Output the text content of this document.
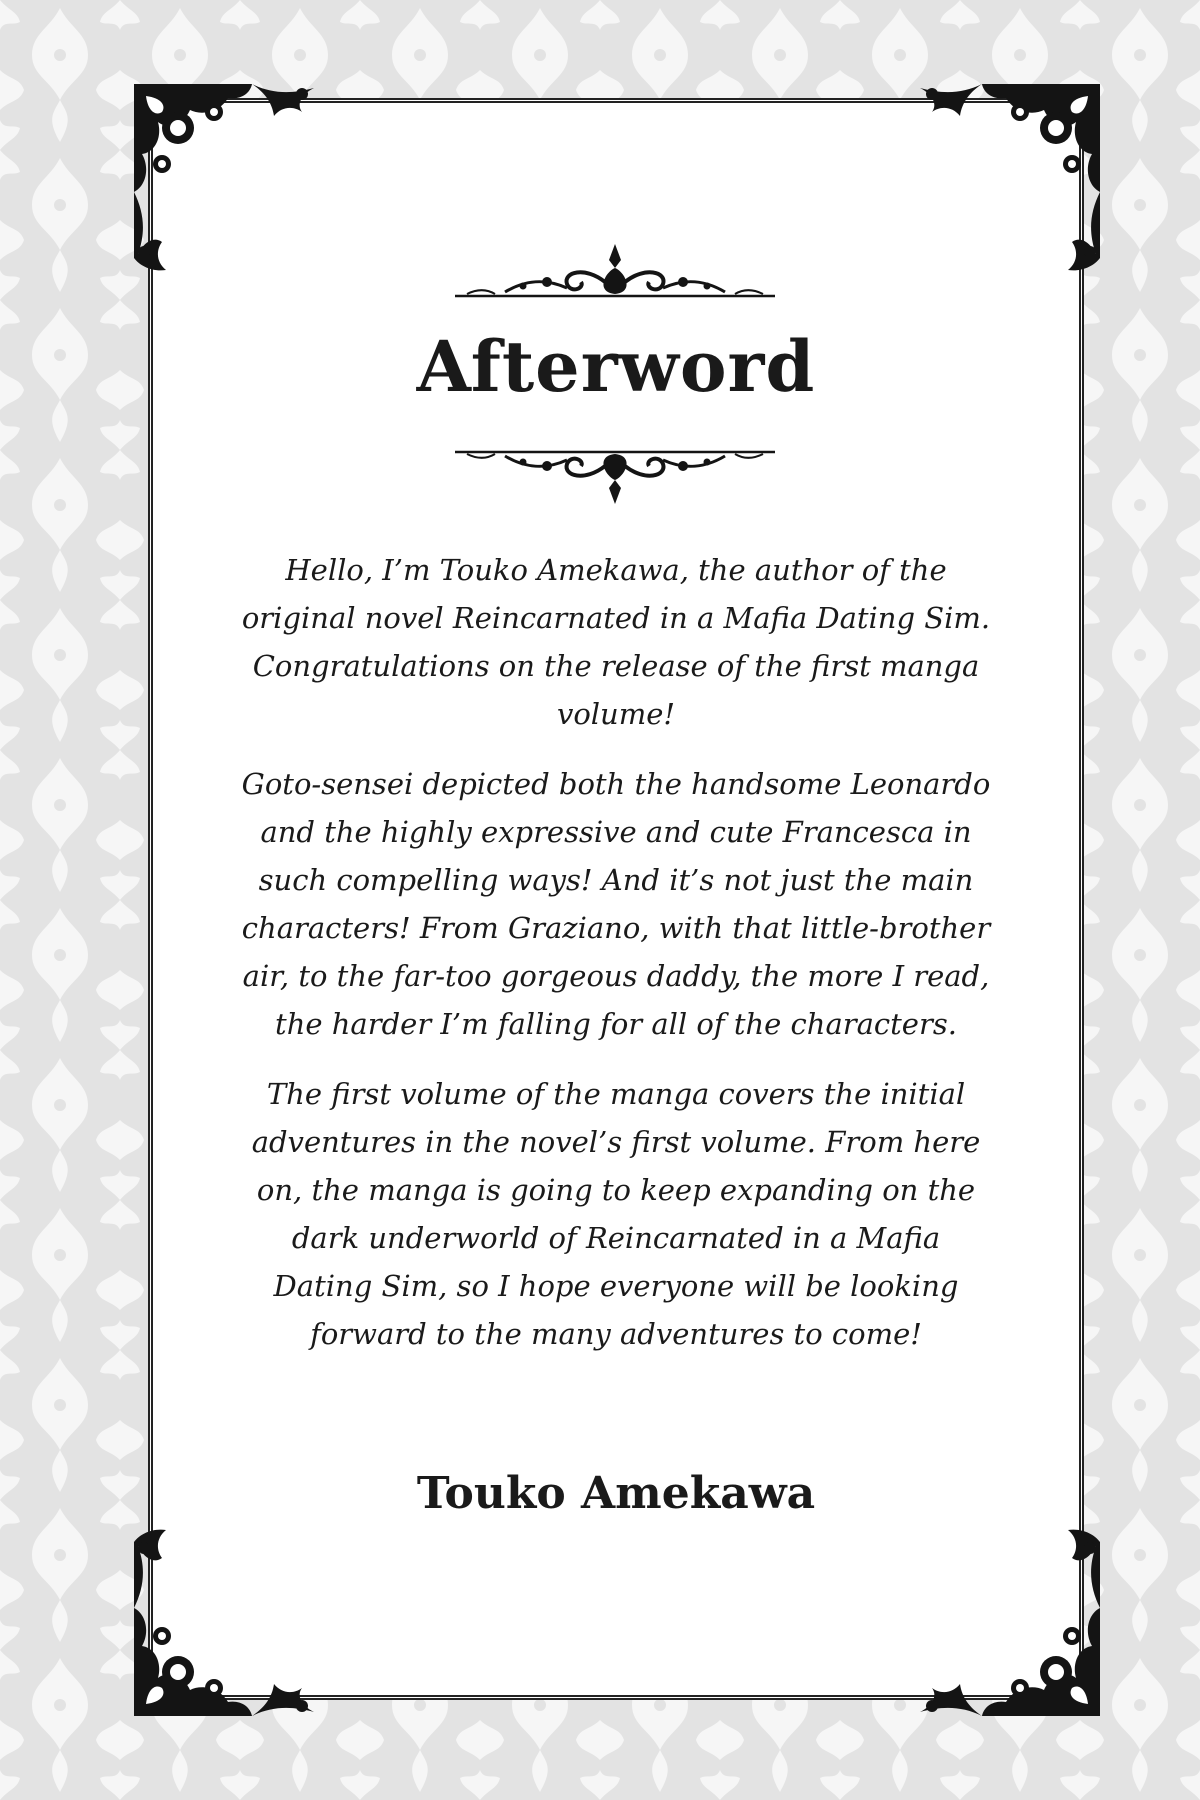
Afterword

Hello, I’m Touko Amekawa, the author of the original novel Reincarnated in a Mafia Dating Sim. Congratulations on the release of the first manga volume!

Goto-sensei depicted both the handsome Leonardo and the highly expressive and cute Francesca in such compelling ways! And it’s not just the main characters! From Graziano, with that little-brother air, to the far-too gorgeous daddy, the more I read, the harder I’m falling for all of the characters.

The first volume of the manga covers the initial adventures in the novel’s first volume. From here on, the manga is going to keep expanding on the dark underworld of Reincarnated in a Mafia Dating Sim, so I hope everyone will be looking forward to the many adventures to come!

Touko Amekawa
